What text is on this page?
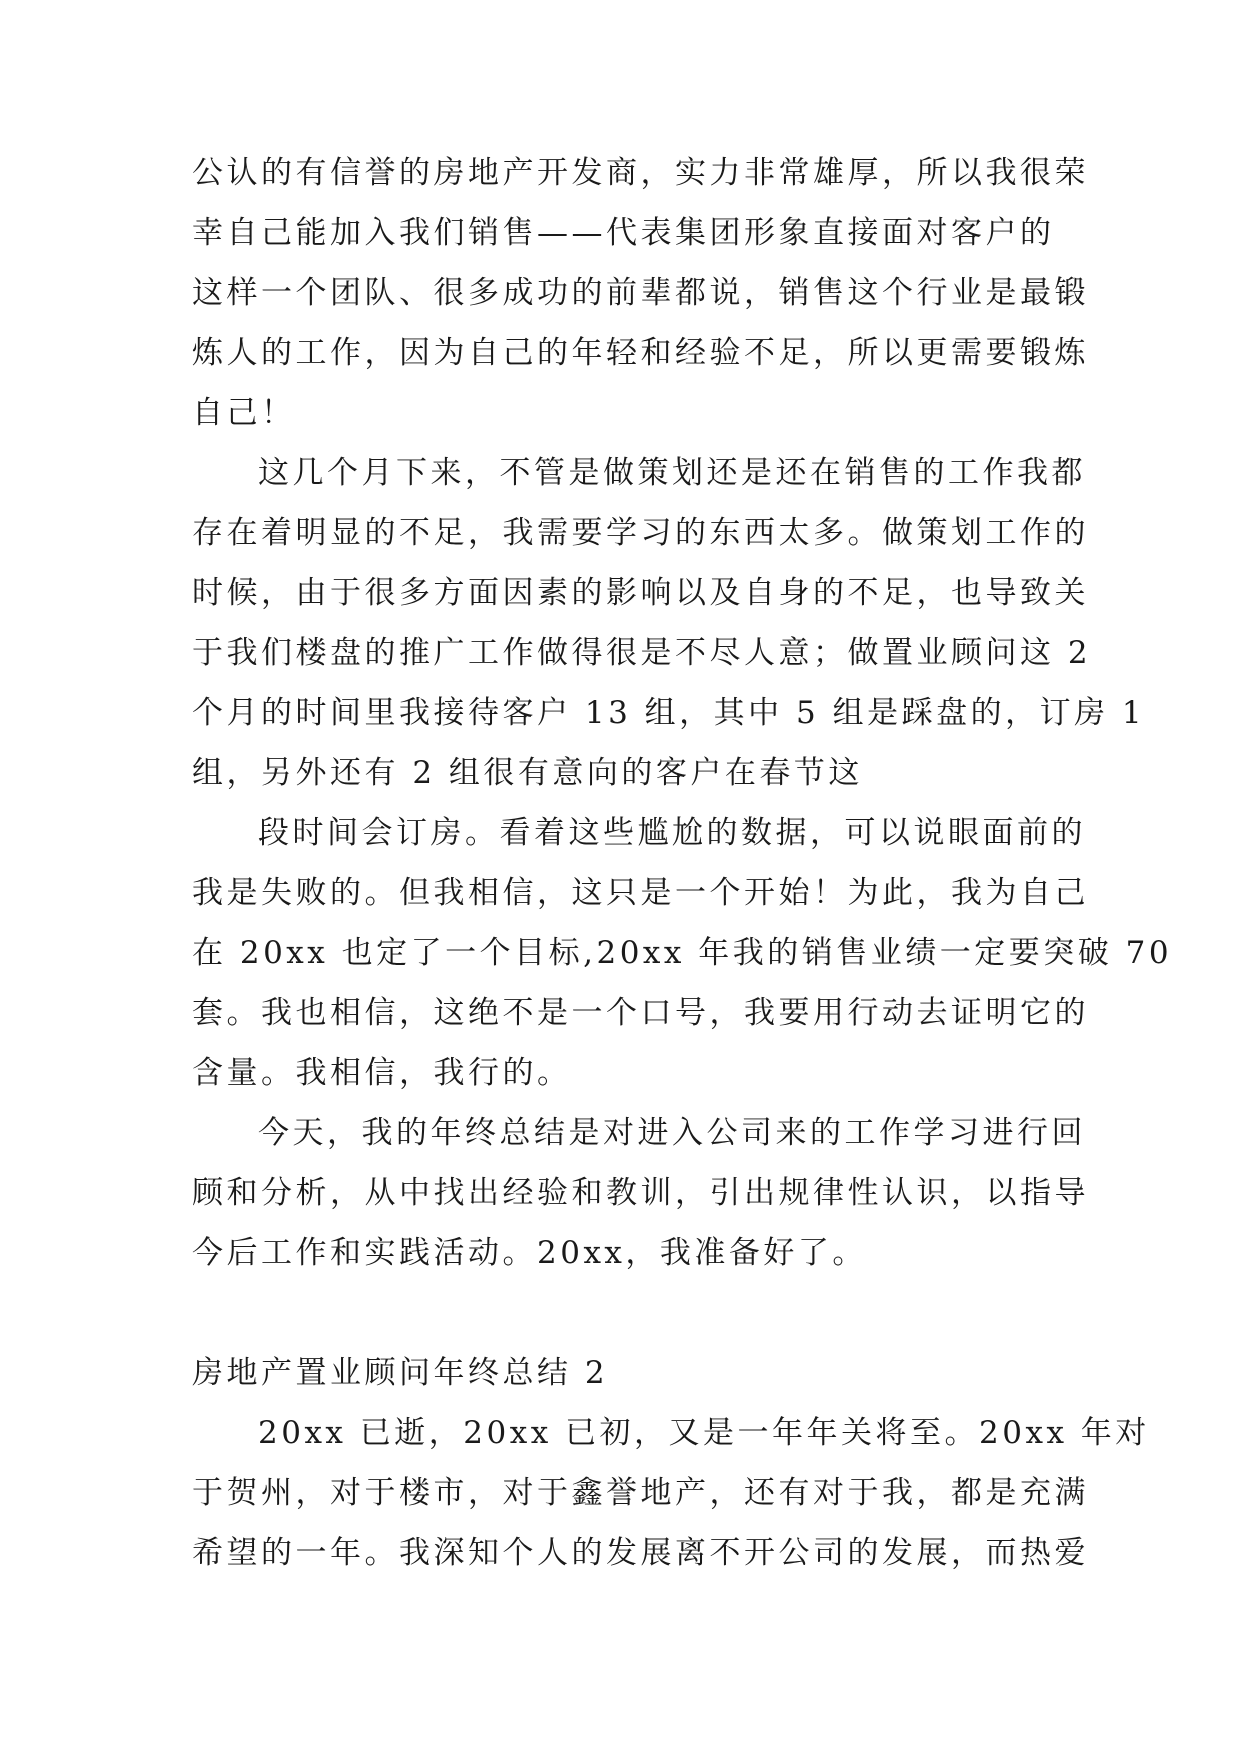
公认的有信誉的房地产开发商，实力非常雄厚，所以我很荣
幸自己能加入我们销售——代表集团形象直接面对客户的
这样一个团队、很多成功的前辈都说，销售这个行业是最锻
炼人的工作，因为自己的年轻和经验不足，所以更需要锻炼
自己！
这几个月下来，不管是做策划还是还在销售的工作我都
存在着明显的不足，我需要学习的东西太多。做策划工作的
时候，由于很多方面因素的影响以及自身的不足，也导致关
于我们楼盘的推广工作做得很是不尽人意；做置业顾问这 2
个月的时间里我接待客户 13 组，其中 5 组是踩盘的，订房 1
组，另外还有 2 组很有意向的客户在春节这
段时间会订房。看着这些尴尬的数据，可以说眼面前的
我是失败的。但我相信，这只是一个开始！为此，我为自己
在 20xx 也定了一个目标,20xx 年我的销售业绩一定要突破 70
套。我也相信，这绝不是一个口号，我要用行动去证明它的
含量。我相信，我行的。
今天，我的年终总结是对进入公司来的工作学习进行回
顾和分析，从中找出经验和教训，引出规律性认识，以指导
今后工作和实践活动。20xx，我准备好了。
房地产置业顾问年终总结 2
20xx 已逝，20xx 已初，又是一年年关将至。20xx 年对
于贺州，对于楼市，对于鑫誉地产，还有对于我，都是充满
希望的一年。我深知个人的发展离不开公司的发展，而热爱
